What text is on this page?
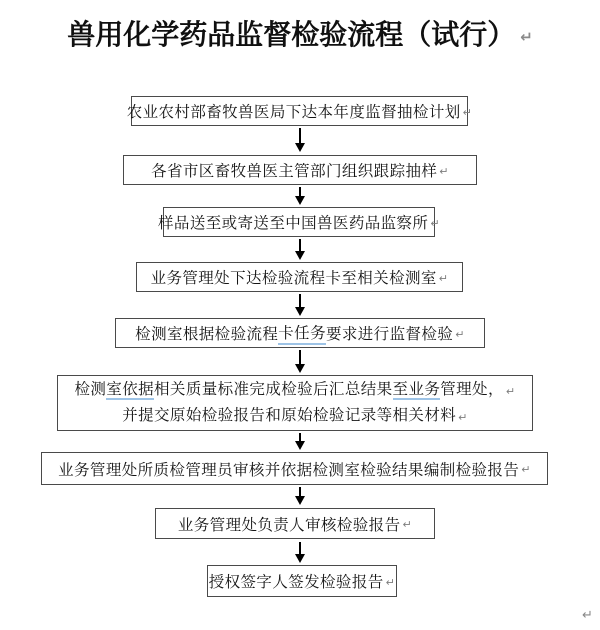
兽用化学药品监督检验流程（试行） ↵
农业农村部畜牧兽医局下达本年度监督抽检计划 ↵
各省市区畜牧兽医主管部门组织跟踪抽样 ↵
样品送至或寄送至中国兽医药品监察所 ↵
业务管理处下达检验流程卡至相关检测室 ↵
检测室根据检验流程 卡任务 要求进行监督检验 ↵
检测室依据相关质量标准完成检验后汇总结果至业务管理处， ↵
并提交原始检验报告和原始检验记录等相关材料 ↵
业务管理处所质检管理员审核并依据检测室检验结果编制检验报告 ↵
业务管理处负责人审核检验报告 ↵
授权签字人签发检验报告 ↵
↵
